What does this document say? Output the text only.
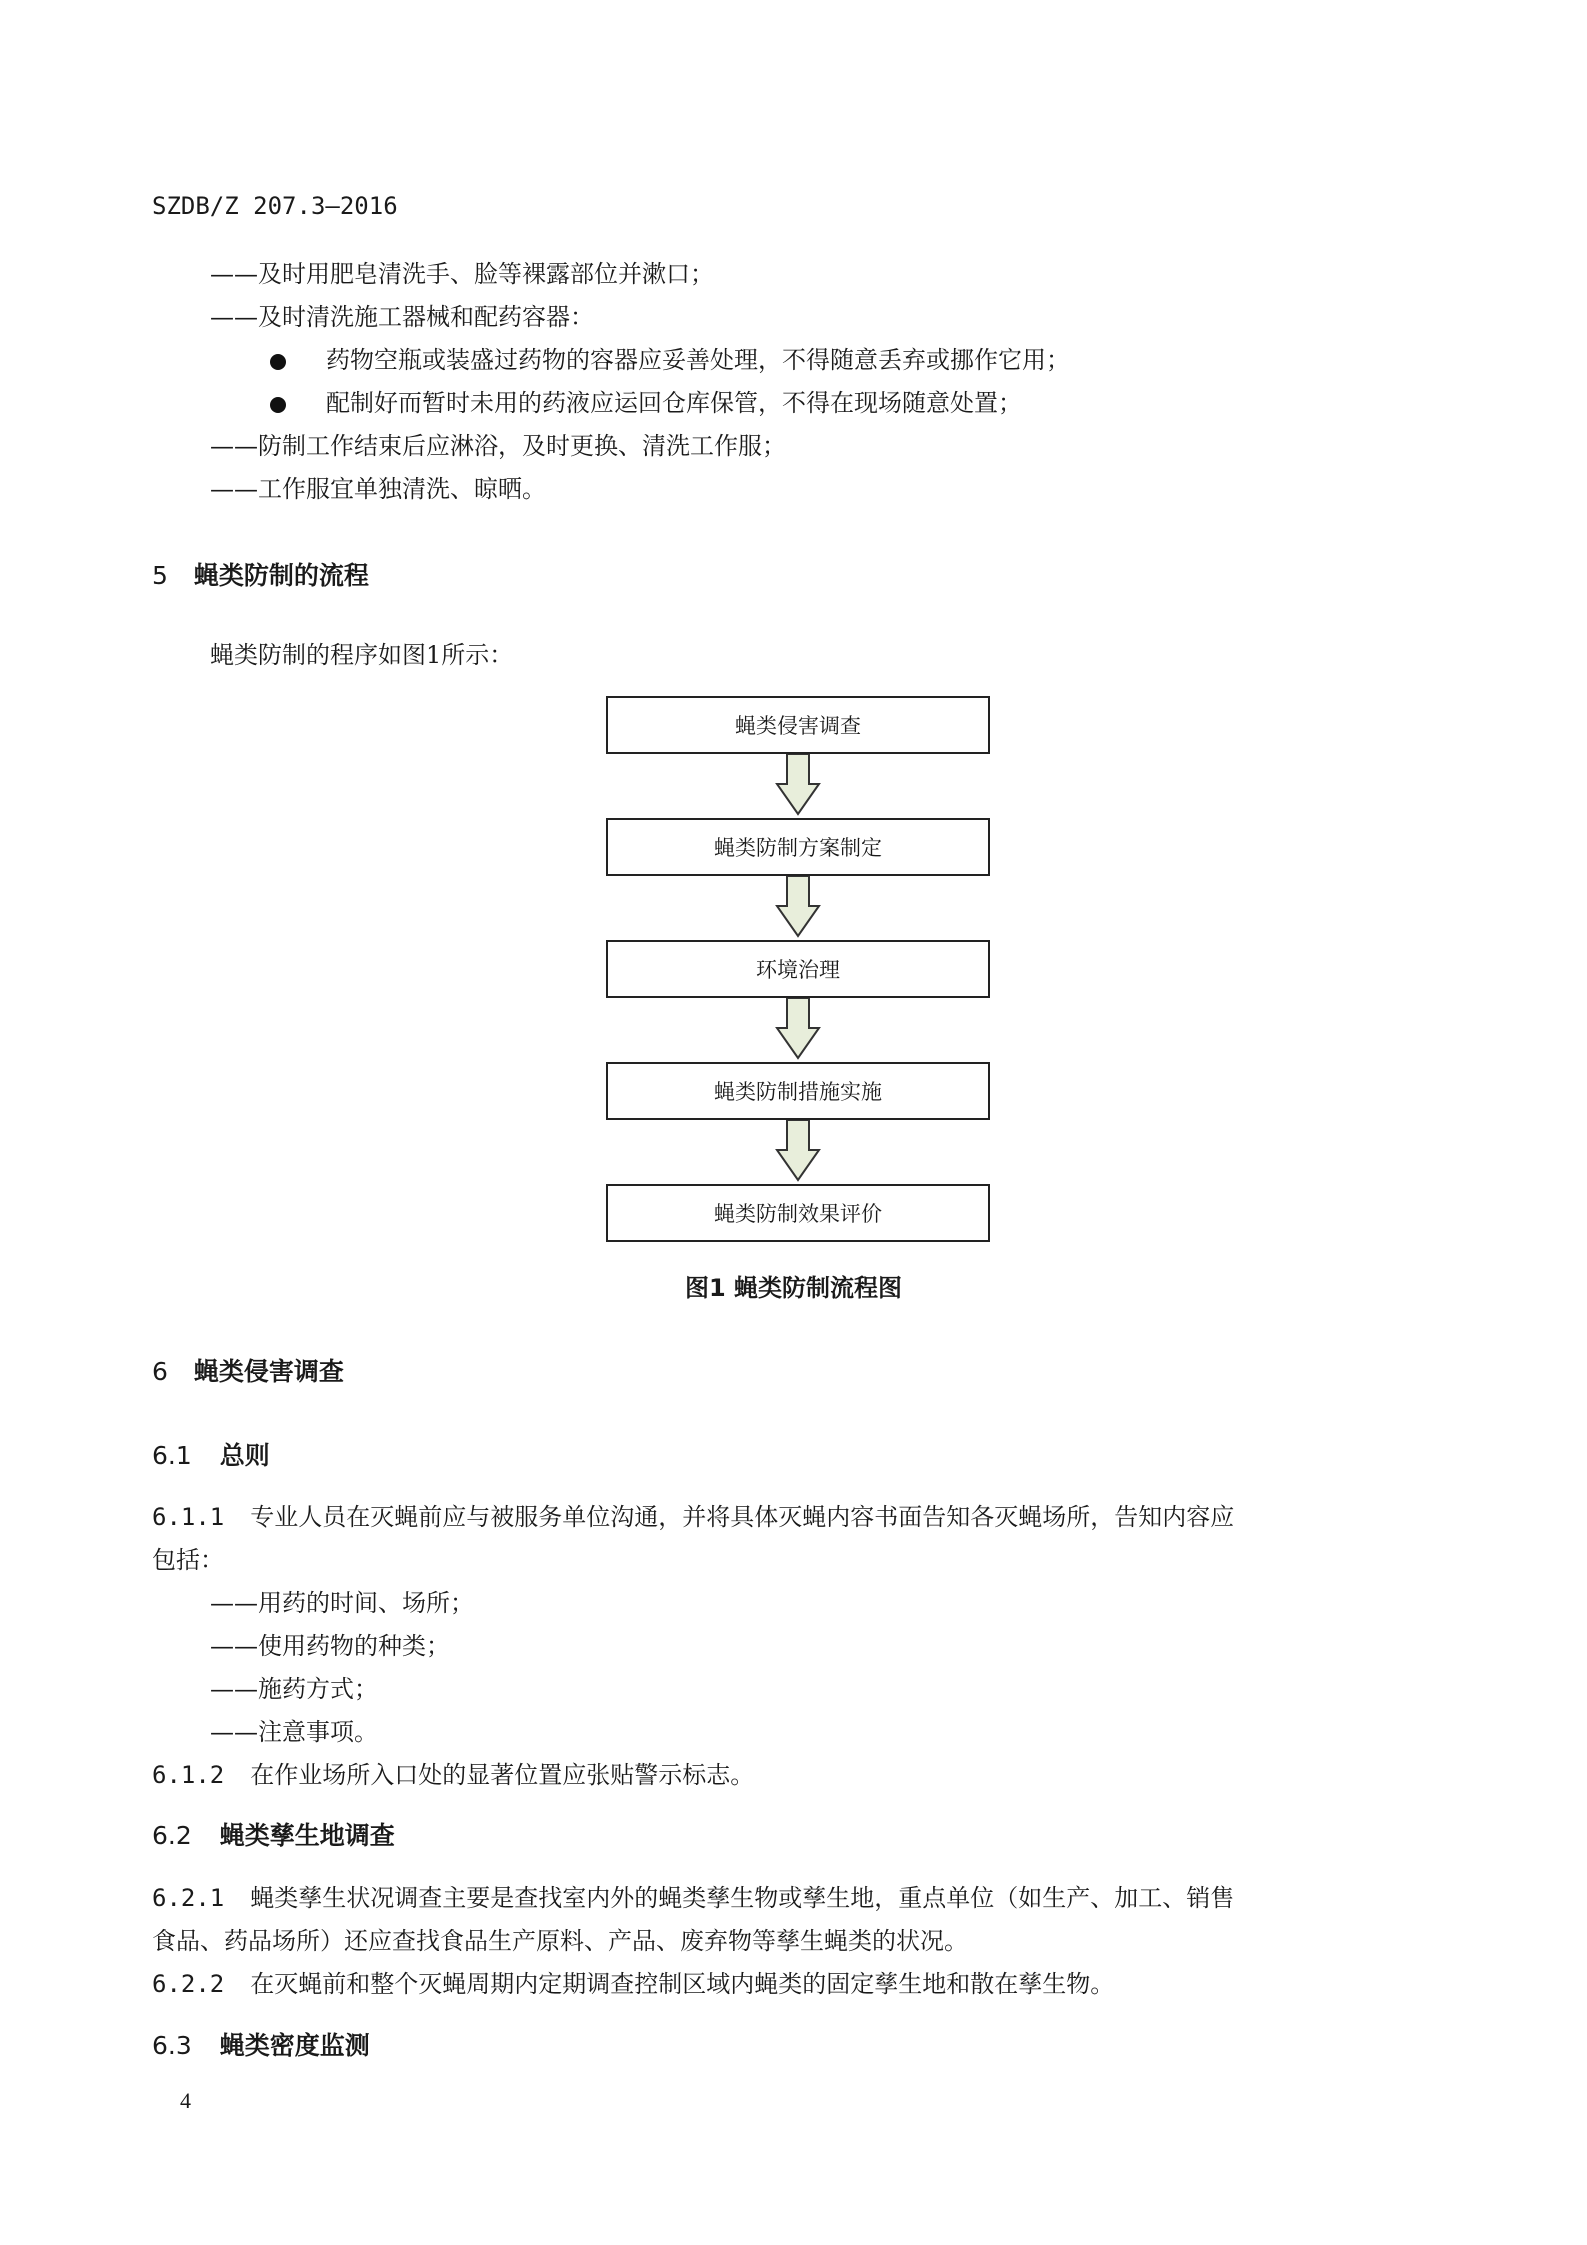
SZDB/Z 207.3—2016
——及时用肥皂清洗手、脸等裸露部位并漱口；
——及时清洗施工器械和配药容器：
药物空瓶或装盛过药物的容器应妥善处理，不得随意丢弃或挪作它用；
配制好而暂时未用的药液应运回仓库保管，不得在现场随意处置；
——防制工作结束后应淋浴，及时更换、清洗工作服；
——工作服宜单独清洗、晾晒。
5 蝇类防制的流程
蝇类防制的程序如图1所示：
蝇类侵害调查
蝇类防制方案制定
环境治理
蝇类防制措施实施
蝇类防制效果评价
图1 蝇类防制流程图
6 蝇类侵害调查
6.1 总则
6.1.1 专业人员在灭蝇前应与被服务单位沟通，并将具体灭蝇内容书面告知各灭蝇场所，告知内容应
包括：
——用药的时间、场所；
——使用药物的种类；
——施药方式；
——注意事项。
6.1.2 在作业场所入口处的显著位置应张贴警示标志。
6.2 蝇类孳生地调查
6.2.1 蝇类孳生状况调查主要是查找室内外的蝇类孳生物或孳生地，重点单位（如生产、加工、销售
食品、药品场所）还应查找食品生产原料、产品、废弃物等孳生蝇类的状况。
6.2.2 在灭蝇前和整个灭蝇周期内定期调查控制区域内蝇类的固定孳生地和散在孳生物。
6.3 蝇类密度监测
4
